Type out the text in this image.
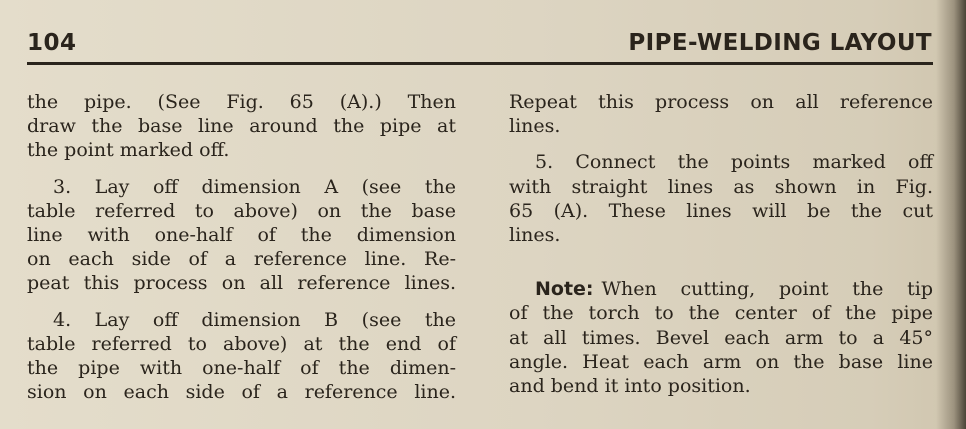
104	PIPE-WELDING LAYOUT
the pipe. (See Fig. 65 (A).) Then
draw the base line around the pipe at
the point marked off.
3. Lay off dimension A (see the
table referred to above) on the base
line with one-half of the dimension
on each side of a reference line. Re-
peat this process on all reference lines.
4. Lay off dimension B (see the
table referred to above) at the end of
the pipe with one-half of the dimen-
sion on each side of a reference line.
Repeat this process on all reference
lines.
5. Connect the points marked off
with straight lines as shown in Fig.
65 (A). These lines will be the cut
lines.
Note: When cutting, point the tip
of the torch to the center of the pipe
at all times. Bevel each arm to a 45°
angle. Heat each arm on the base line
and bend it into position.
